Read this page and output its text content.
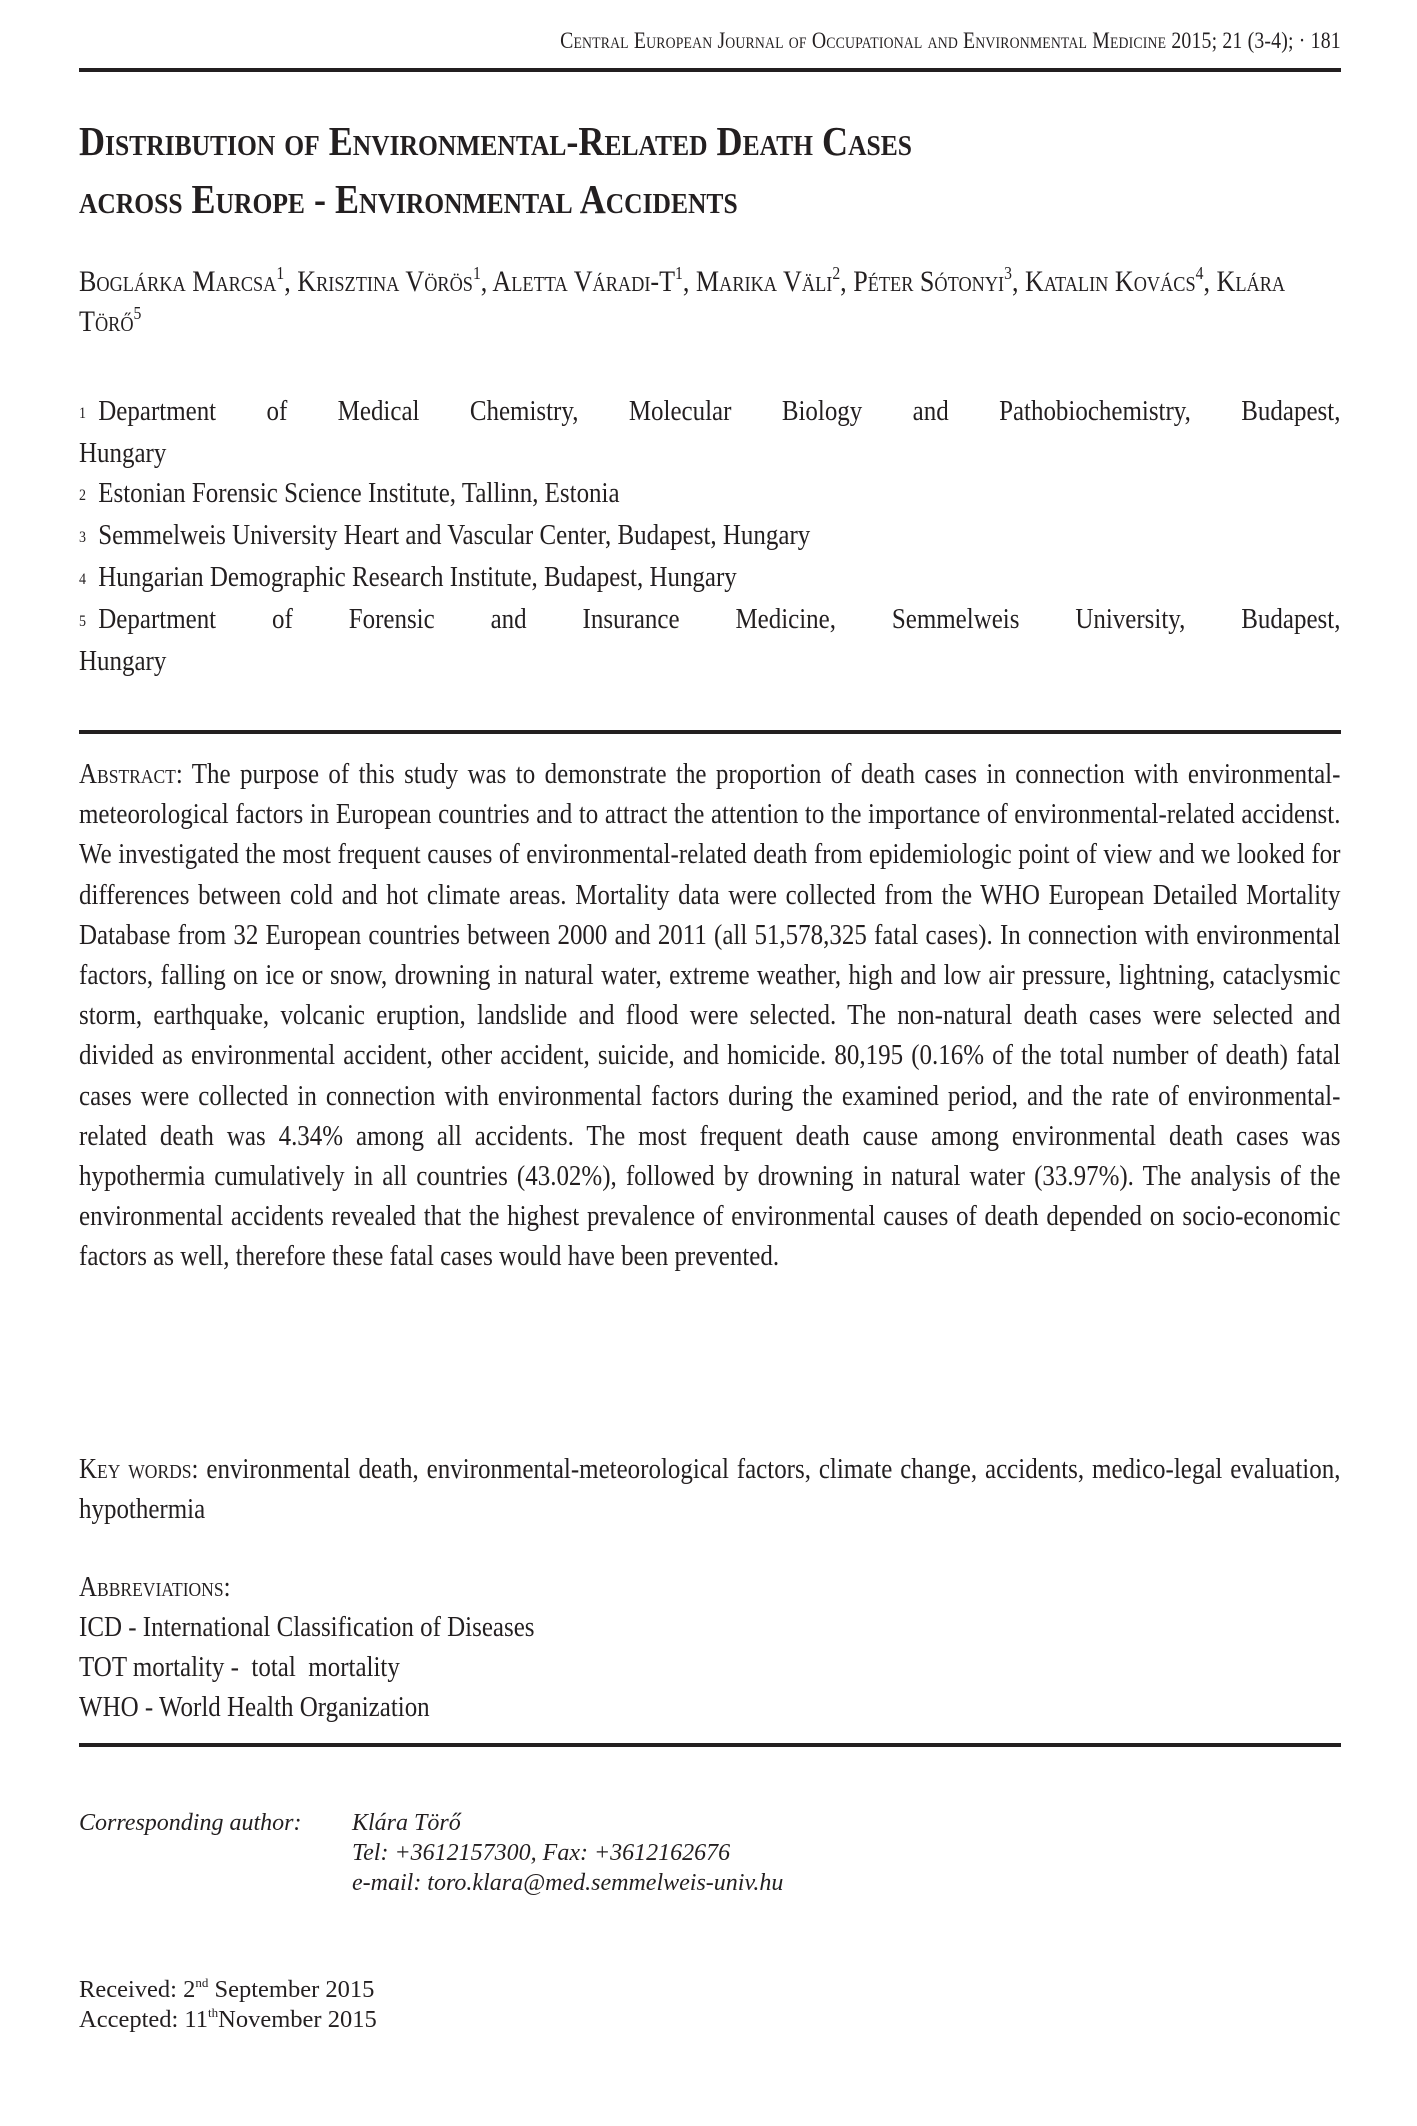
Central European Journal of Occupational and Environmental Medicine 2015; 21 (3-4); · 181
Distribution of Environmental-Related Death Cases
across Europe - Environmental Accidents
Boglárka Marcsa$^1$, Krisztina Vörös$^1$, Aletta Váradi-$T^1$, Marika Väli$^2$, Péter Sótonyi$^3$, Katalin Kovács$^4$, Klára Törő$^5$
1 Department of Medical Chemistry, Molecular Biology and Pathobiochemistry, Budapest,
Hungary
2 Estonian Forensic Science Institute, Tallinn, Estonia
3 Semmelweis University Heart and Vascular Center, Budapest, Hungary
4 Hungarian Demographic Research Institute, Budapest, Hungary
5 Department of Forensic and Insurance Medicine, Semmelweis University, Budapest,
Hungary
Abstract: The purpose of this study was to demonstrate the proportion of death cases in connection with environmental-meteorological factors in European countries and to attract the attention to the importance of environmental-related accidenst. We investigated the most frequent causes of environmental-related death from epidemiologic point of view and we looked for differences between cold and hot climate areas. Mortality data were collected from the WHO European Detailed Mortality Database from 32 European countries between 2000 and 2011 (all 51,578,325 fatal cases). In connection with environmental factors, falling on ice or snow, drowning in natural water, extreme weather, high and low air pressure, lightning, cataclysmic storm, earthquake, volcanic eruption, landslide and flood were selected. The non-natural death cases were selected and divided as environmental accident, other accident, suicide, and homicide. 80,195 (0.16% of the total number of death) fatal cases were collected in connection with environmental factors during the examined period, and the rate of environmental-related death was 4.34% among all accidents. The most frequent death cause among environmental death cases was hypothermia cumulatively in all countries (43.02%), followed by drowning in natural water (33.97%). The analysis of the environmental accidents revealed that the highest prevalence of environmental causes of death depended on socio-economic factors as well, therefore these fatal cases would have been prevented.
Key words: environmental death, environmental-meteorological factors, climate change, accidents, medico-legal evaluation, hypothermia
Abbreviations:
ICD - International Classification of Diseases
TOT mortality -  total  mortality
WHO - World Health Organization
Corresponding author:	Klára Törő
Tel: +3612157300, Fax: +3612162676
e-mail: toro.klara@med.semmelweis-univ.hu
Received: 2nd September 2015
Accepted: 11thNovember 2015
